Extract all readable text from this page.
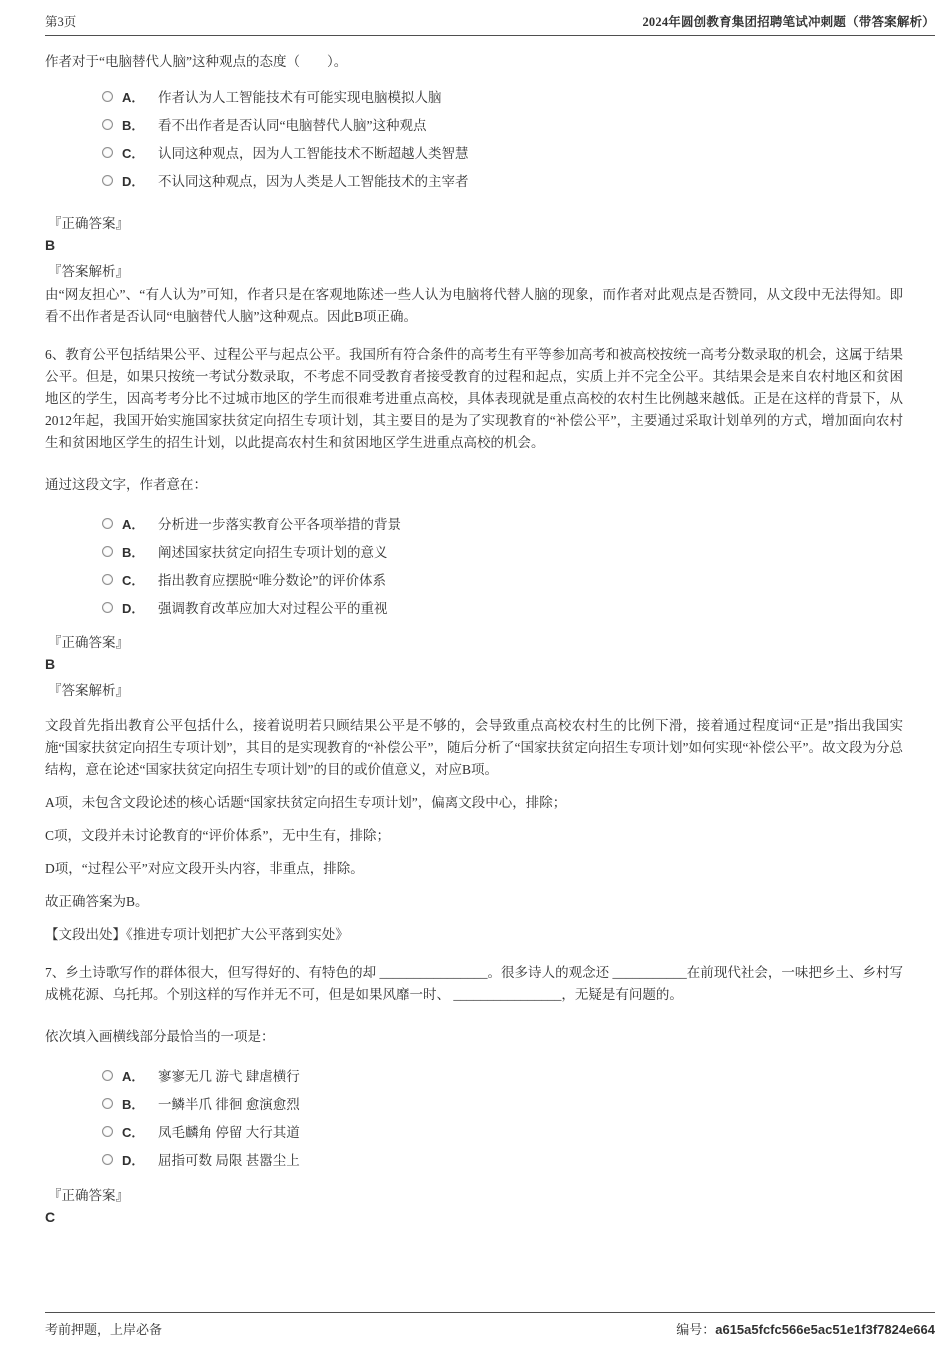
第3页	2024年圆创教育集团招聘笔试冲刺题（带答案解析）

作者对于“电脑替代人脑”这种观点的态度（　　）。

A．	作者认为人工智能技术有可能实现电脑模拟人脑
B．	看不出作者是否认同“电脑替代人脑”这种观点
C．	认同这种观点，因为人工智能技术不断超越人类智慧
D．	不认同这种观点，因为人类是人工智能技术的主宰者

『正确答案』

B

『答案解析』

由“网友担心”、“有人认为”可知，作者只是在客观地陈述一些人认为电脑将代替人脑的现象，而作者对此观点是否赞同，从文段中无法得知。即看不出作者是否认同“电脑替代人脑”这种观点。因此B项正确。

6、教育公平包括结果公平、过程公平与起点公平。我国所有符合条件的高考生有平等参加高考和被高校按统一高考分数录取的机会，这属于结果公平。但是，如果只按统一考试分数录取，不考虑不同受教育者接受教育的过程和起点，实质上并不完全公平。其结果会是来自农村地区和贫困地区的学生，因高考考分比不过城市地区的学生而很难考进重点高校，具体表现就是重点高校的农村生比例越来越低。正是在这样的背景下，从2012年起，我国开始实施国家扶贫定向招生专项计划，其主要目的是为了实现教育的“补偿公平”，主要通过采取计划单列的方式，增加面向农村生和贫困地区学生的招生计划，以此提高农村生和贫困地区学生进重点高校的机会。

通过这段文字，作者意在：

A．	分析进一步落实教育公平各项举措的背景
B．	阐述国家扶贫定向招生专项计划的意义
C．	指出教育应摆脱“唯分数论”的评价体系
D．	强调教育改革应加大对过程公平的重视

『正确答案』

B

『答案解析』

文段首先指出教育公平包括什么，接着说明若只顾结果公平是不够的，会导致重点高校农村生的比例下滑，接着通过程度词“正是”指出我国实施“国家扶贫定向招生专项计划”，其目的是实现教育的“补偿公平”，随后分析了“国家扶贫定向招生专项计划”如何实现“补偿公平”。故文段为分总结构，意在论述“国家扶贫定向招生专项计划”的目的或价值意义，对应B项。

A项，未包含文段论述的核心话题“国家扶贫定向招生专项计划”，偏离文段中心，排除；

C项，文段并未讨论教育的“评价体系”，无中生有，排除；

D项，“过程公平”对应文段开头内容，非重点，排除。

故正确答案为B。

【文段出处】《推进专项计划把扩大公平落到实处》

7、乡土诗歌写作的群体很大，但写得好的、有特色的却 ________________。很多诗人的观念还 ___________在前现代社会，一味把乡土、乡村写成桃花源、乌托邦。个别这样的写作并无不可，但是如果风靡一时、 ________________，无疑是有问题的。

依次填入画横线部分最恰当的一项是：

A．	寥寥无几 游弋 肆虐横行
B．	一鳞半爪 徘徊 愈演愈烈
C．	凤毛麟角 停留 大行其道
D．	屈指可数 局限 甚嚣尘上

『正确答案』

C

考前押题，上岸必备	编号：a615a5fcfc566e5ac51e1f3f7824e664
